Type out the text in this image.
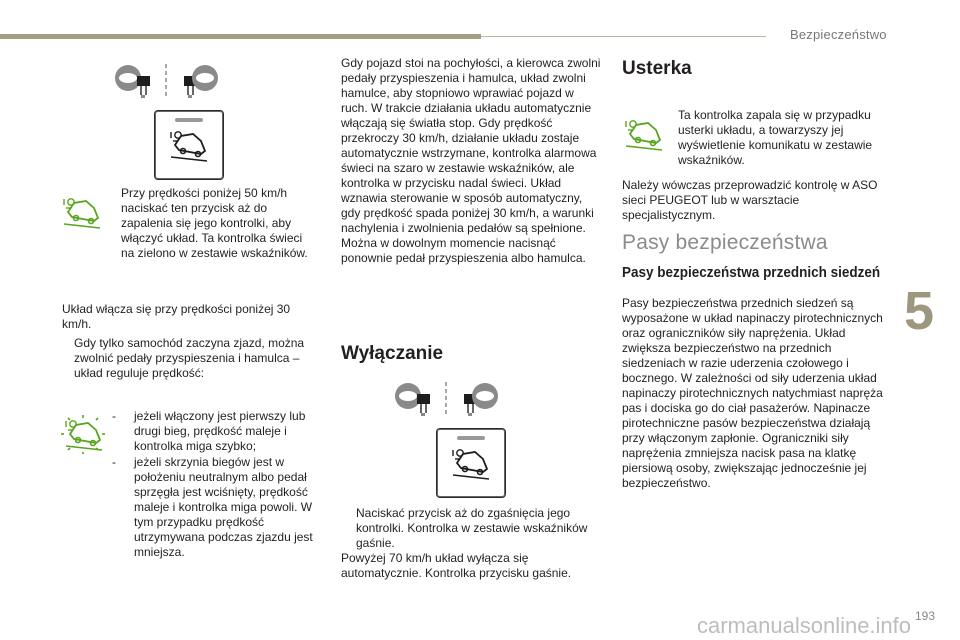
Bezpieczeństwo
Przy prędkości poniżej 50 km/h naciskać ten przycisk aż do zapalenia się jego kontrolki, aby włączyć układ. Ta kontrolka świeci na zielono w zestawie wskaźników.
Układ włącza się przy prędkości poniżej 30 km/h.
Gdy tylko samochód zaczyna zjazd, można zwolnić pedały przyspieszenia i hamulca – układ reguluje prędkość:
- jeżeli włączony jest pierwszy lub drugi bieg, prędkość maleje i kontrolka miga szybko;
- jeżeli skrzynia biegów jest w położeniu neutralnym albo pedał sprzęgła jest wciśnięty, prędkość maleje i kontrolka miga powoli. W tym przypadku prędkość utrzymywana podczas zjazdu jest mniejsza.
Gdy pojazd stoi na pochyłości, a kierowca zwolni pedały przyspieszenia i hamulca, układ zwolni hamulce, aby stopniowo wprawiać pojazd w ruch. W trakcie działania układu automatycznie włączają się światła stop. Gdy prędkość przekroczy 30 km/h, działanie układu zostaje automatycznie wstrzymane, kontrolka alarmowa świeci na szaro w zestawie wskaźników, ale kontrolka w przycisku nadal świeci. Układ wznawia sterowanie w sposób automatyczny, gdy prędkość spada poniżej 30 km/h, a warunki nachylenia i zwolnienia pedałów są spełnione. Można w dowolnym momencie nacisnąć ponownie pedał przyspieszenia albo hamulca.
Wyłączanie
Naciskać przycisk aż do zgaśnięcia jego kontrolki. Kontrolka w zestawie wskaźników gaśnie.
Powyżej 70 km/h układ wyłącza się automatycznie. Kontrolka przycisku gaśnie.
Usterka
Ta kontrolka zapala się w przypadku usterki układu, a towarzyszy jej wyświetlenie komunikatu w zestawie wskaźników.
Należy wówczas przeprowadzić kontrolę w ASO sieci PEUGEOT lub w warsztacie specjalistycznym.
Pasy bezpieczeństwa
Pasy bezpieczeństwa przednich siedzeń
Pasy bezpieczeństwa przednich siedzeń są wyposażone w układ napinaczy pirotechnicznych oraz ograniczników siły naprężenia. Układ zwiększa bezpieczeństwo na przednich siedzeniach w razie uderzenia czołowego i bocznego. W zależności od siły uderzenia układ napinaczy pirotechnicznych natychmiast napręża pas i dociska go do ciał pasażerów. Napinacze pirotechniczne pasów bezpieczeństwa działają przy włączonym zapłonie. Ograniczniki siły naprężenia zmniejsza nacisk pasa na klatkę piersiową osoby, zwiększając jednocześnie jej bezpieczeństwo.
5
carmanualsonline.info 193
